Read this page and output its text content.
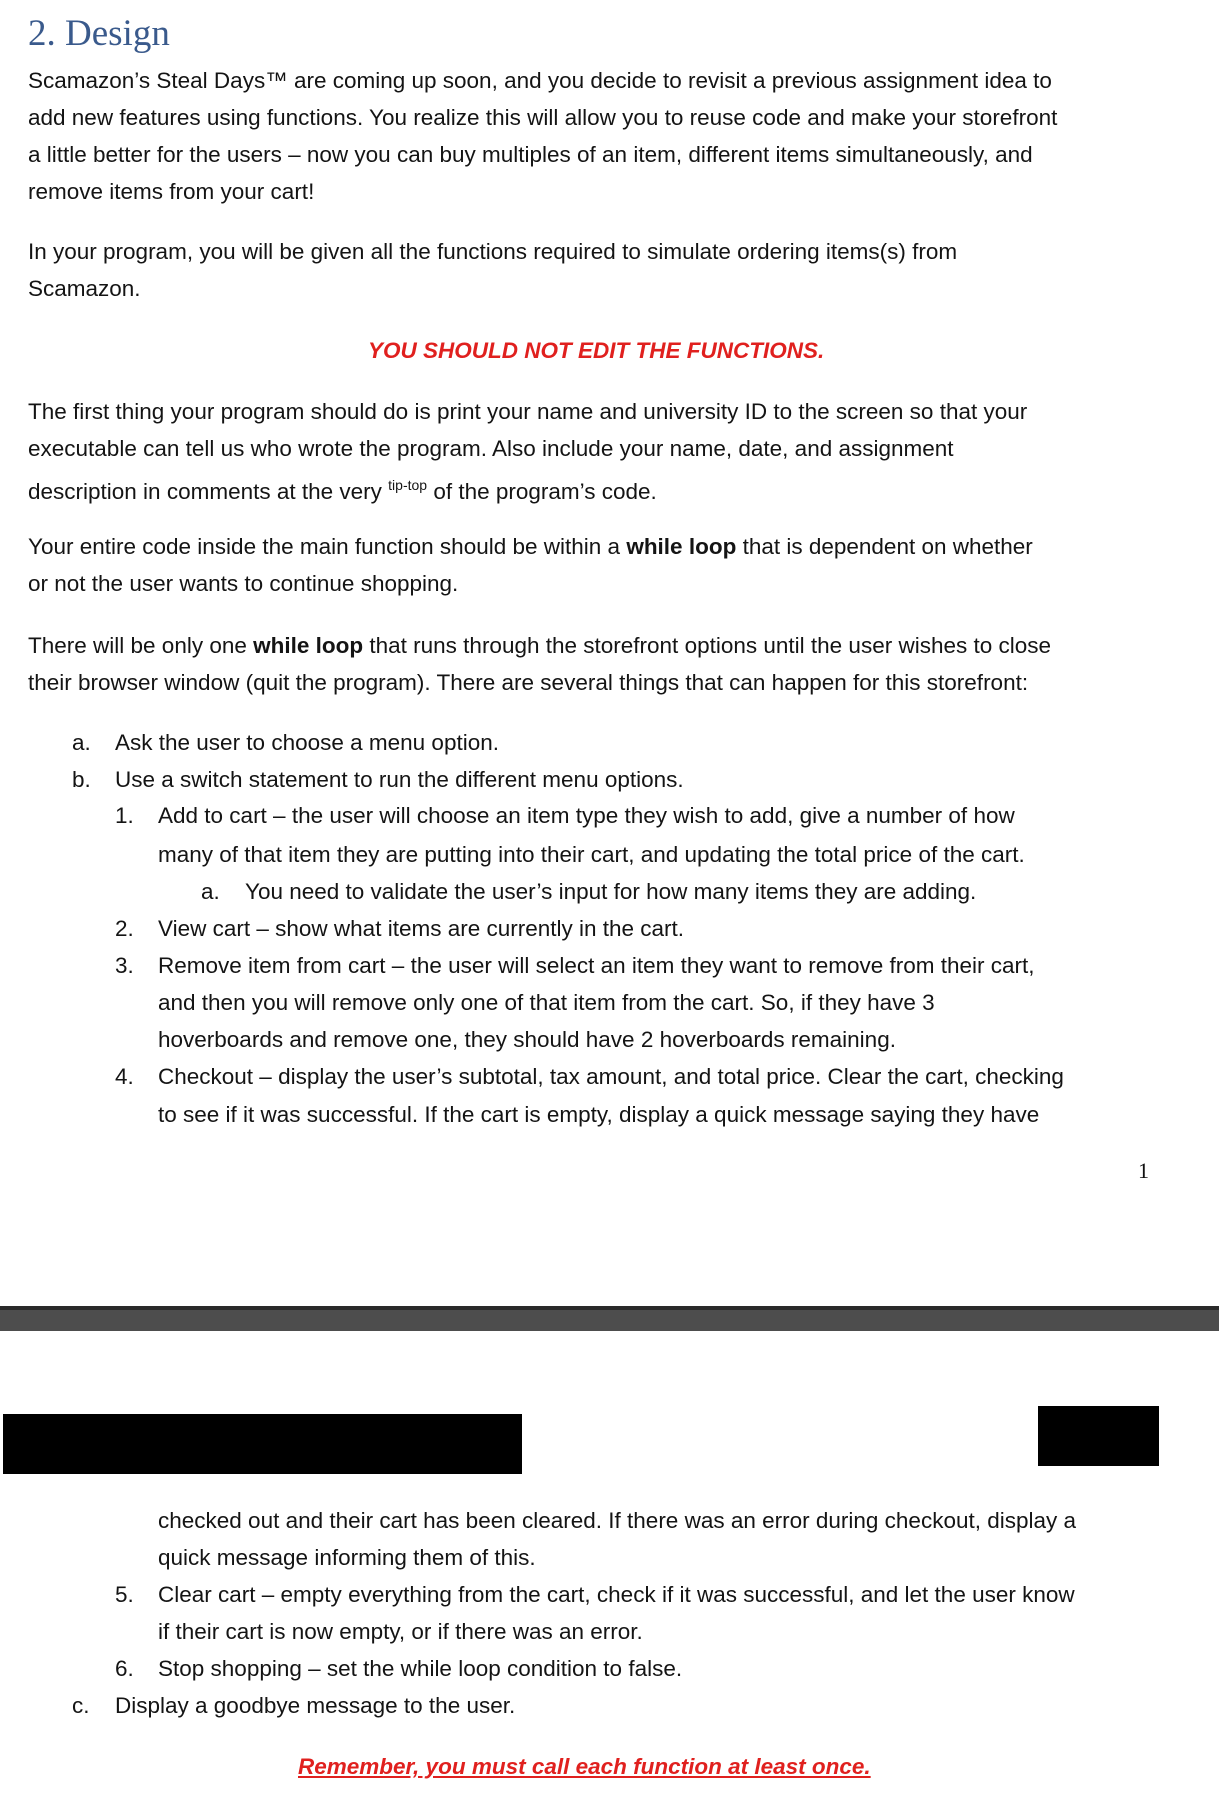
2. Design
Scamazon’s Steal Days™ are coming up soon, and you decide to revisit a previous assignment idea to
add new features using functions. You realize this will allow you to reuse code and make your storefront
a little better for the users – now you can buy multiples of an item, different items simultaneously, and
remove items from your cart!
In your program, you will be given all the functions required to simulate ordering items(s) from
Scamazon.
YOU SHOULD NOT EDIT THE FUNCTIONS.
The first thing your program should do is print your name and university ID to the screen so that your
executable can tell us who wrote the program. Also include your name, date, and assignment
description in comments at the very $^{tip-top}$ of the program’s code.
Your entire code inside the main function should be within a while loop that is dependent on whether
or not the user wants to continue shopping.
There will be only one while loop that runs through the storefront options until the user wishes to close
their browser window (quit the program). There are several things that can happen for this storefront:
a. Ask the user to choose a menu option.
b. Use a switch statement to run the different menu options.
1. Add to cart – the user will choose an item type they wish to add, give a number of how
many of that item they are putting into their cart, and updating the total price of the cart.
a. You need to validate the user’s input for how many items they are adding.
2. View cart – show what items are currently in the cart.
3. Remove item from cart – the user will select an item they want to remove from their cart,
and then you will remove only one of that item from the cart. So, if they have 3
hoverboards and remove one, they should have 2 hoverboards remaining.
4. Checkout – display the user’s subtotal, tax amount, and total price. Clear the cart, checking
to see if it was successful. If the cart is empty, display a quick message saying they have
1
checked out and their cart has been cleared. If there was an error during checkout, display a
quick message informing them of this.
5. Clear cart – empty everything from the cart, check if it was successful, and let the user know
if their cart is now empty, or if there was an error.
6. Stop shopping – set the while loop condition to false.
c. Display a goodbye message to the user.
Remember, you must call each function at least once.
